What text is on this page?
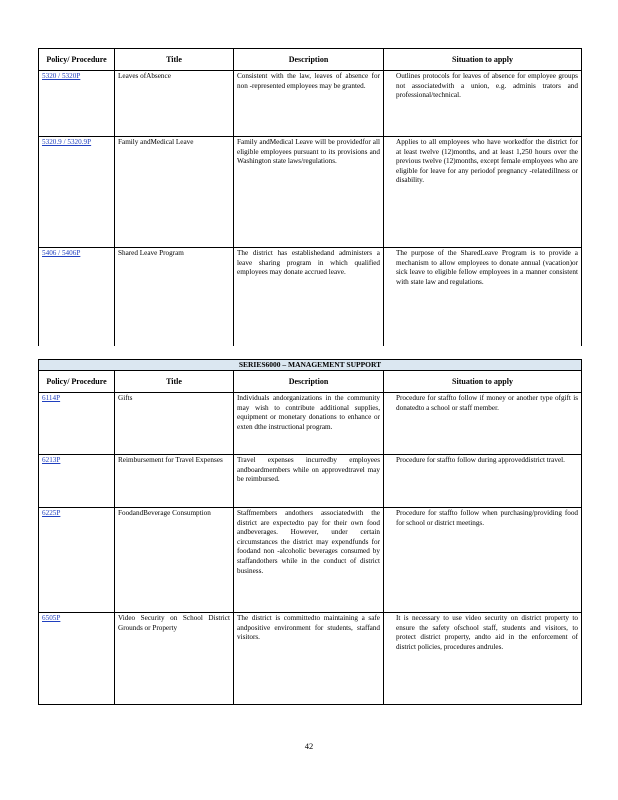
Policy/ Procedure	Title	Description	Situation to apply
5320 / 5320P	Leaves ofAbsence	Consistent with the law, leaves of absence for non -represented employees may be granted.	Outlines protocols for leaves of absence for employee groups not associatedwith a union, e.g. adminis trators and professional/technical.

5320.9 / 5320.9P	Family andMedical Leave	Family andMedical Leave will be providedfor all eligible employees pursuant to its provisions and Washington state laws/regulations.	Applies to all employees who have workedfor the district for at least twelve (12)months, and at least 1,250 hours over the previous twelve (12)months, except female employees who are eligible for leave for any periodof pregnancy -relatedillness or disability.

5406 / 5406P	Shared Leave Program	The district has establishedand administers a leave sharing program in which qualified employees may donate accrued leave.	The purpose of the SharedLeave Program is to provide a mechanism to allow employees to donate annual (vacation)or sick leave to eligible fellow employees in a manner consistent with state law and regulations.
SERIES6000 – MANAGEMENT SUPPORT			
Policy/ Procedure	Title	Description	Situation to apply
6114P	Gifts	Individuals andorganizations in the community may wish to contribute additional supplies, equipment or monetary donations to enhance or exten dthe instructional program.	Procedure for staffto follow if money or another type ofgift is donatedto a school or staff member.

6213P	Reimbursement for Travel Expenses	Travel expenses incurredby employees andboardmembers while on approvedtravel may be reimbursed.	Procedure for staffto follow during approveddistrict travel.

6225P	FoodandBeverage Consumption	Staffmembers andothers associatedwith the district are expectedto pay for their own food andbeverages. However, under certain circumstances the district may expendfunds for foodand non -alcoholic beverages consumed by staffandothers while in the conduct of district business.	Procedure for staffto follow when purchasing/providing food for school or district meetings.

6505P	Video Security on School District Grounds or Property	The district is committedto maintaining a safe andpositive environment for students, staffand visitors.	It is necessary to use video security on district property to ensure the safety ofschool staff, students and visitors, to protect district property, andto aid in the enforcement of district policies, procedures andrules.
42
